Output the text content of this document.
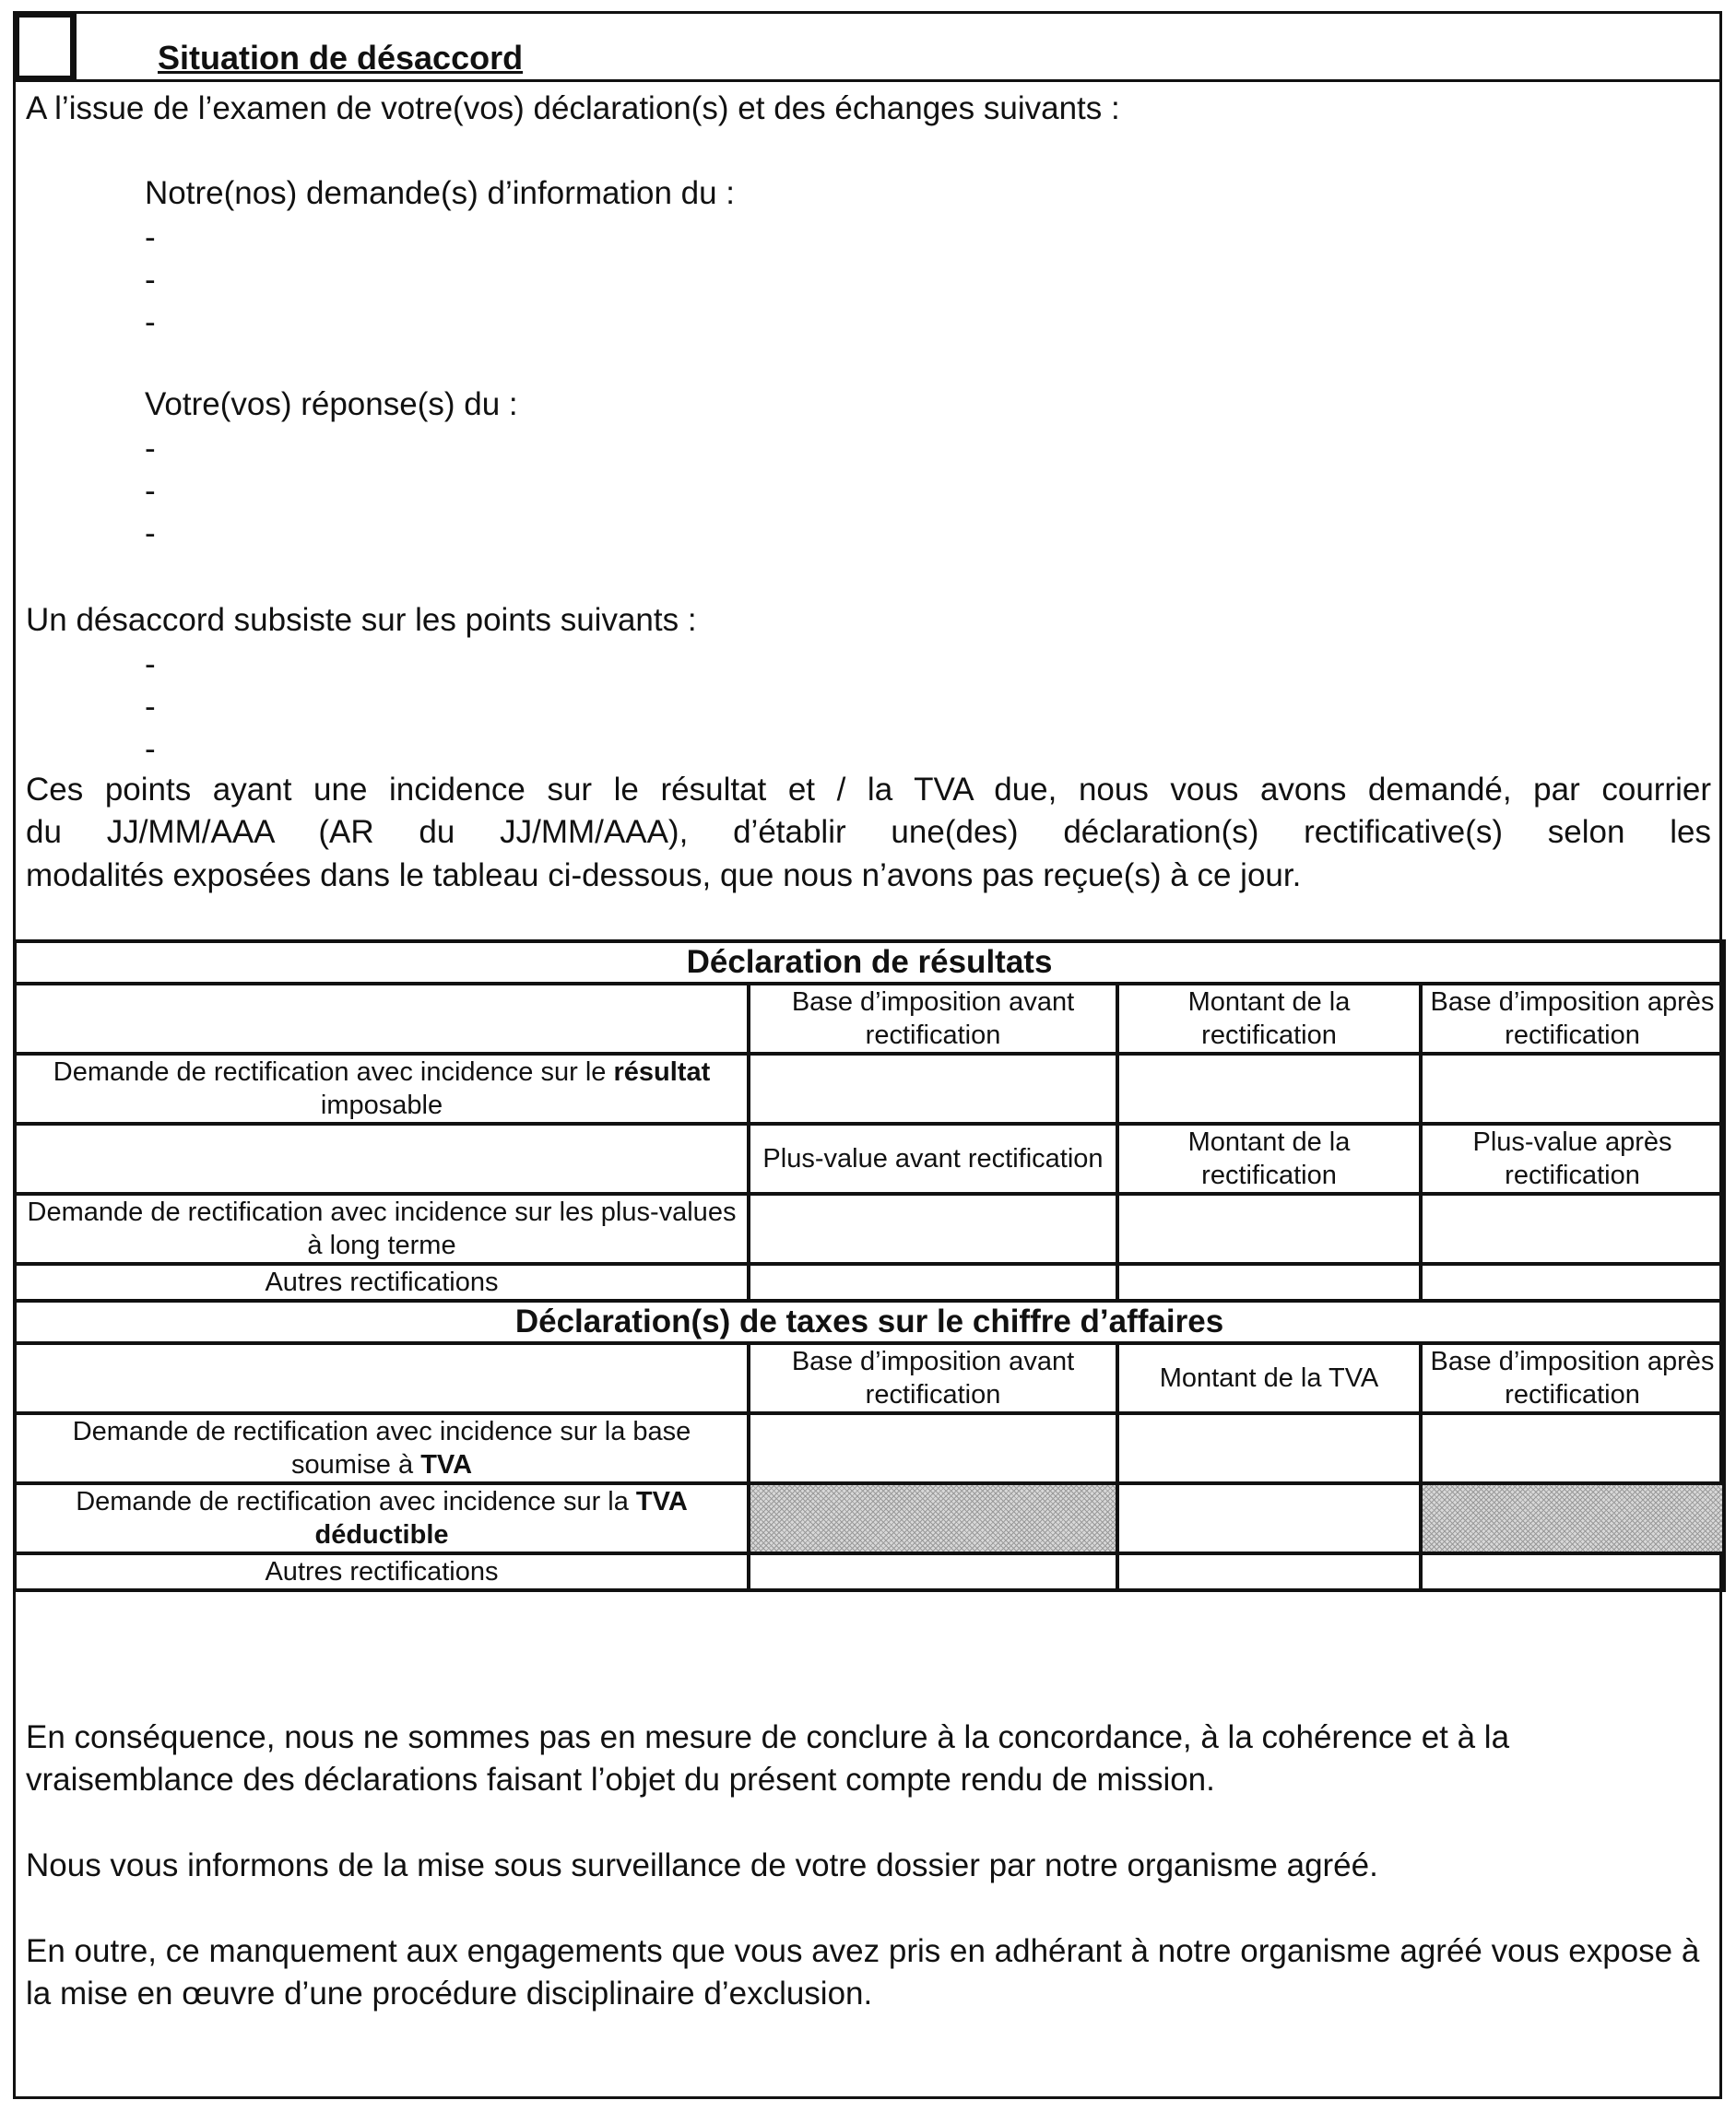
Situation de désaccord
A l’issue de l’examen de votre(vos) déclaration(s) et des échanges suivants :
Notre(nos) demande(s) d’information du :
-
-
-
Votre(vos) réponse(s) du :
-
-
-
Un désaccord subsiste sur les points suivants :
-
-
-
Ces points ayant une incidence sur le résultat et / la TVA due, nous vous avons demandé, par courrier
du JJ/MM/AAA (AR du JJ/MM/AAA), d’établir une(des) déclaration(s) rectificative(s) selon les
modalités exposées dans le tableau ci-dessous, que nous n’avons pas reçue(s) à ce jour.
Déclaration de résultats			
	Base d’imposition avant rectification	Montant de la rectification	Base d’imposition après rectification
Demande de rectification avec incidence sur le résultat imposable			
	Plus-value avant rectification	Montant de la rectification	Plus-value après rectification
Demande de rectification avec incidence sur les plus-values à long terme			
Autres rectifications			
Déclaration(s) de taxes sur le chiffre d’affaires			
	Base d’imposition avant rectification	Montant de la TVA	Base d’imposition après rectification
Demande de rectification avec incidence sur la base soumise à TVA			
Demande de rectification avec incidence sur la TVA déductible			
Autres rectifications			
En conséquence, nous ne sommes pas en mesure de conclure à la concordance, à la cohérence et à la vraisemblance des déclarations faisant l’objet du présent compte rendu de mission.
Nous vous informons de la mise sous surveillance de votre dossier par notre organisme agréé.
En outre, ce manquement aux engagements que vous avez pris en adhérant à notre organisme agréé vous expose à la mise en œuvre d’une procédure disciplinaire d’exclusion.
